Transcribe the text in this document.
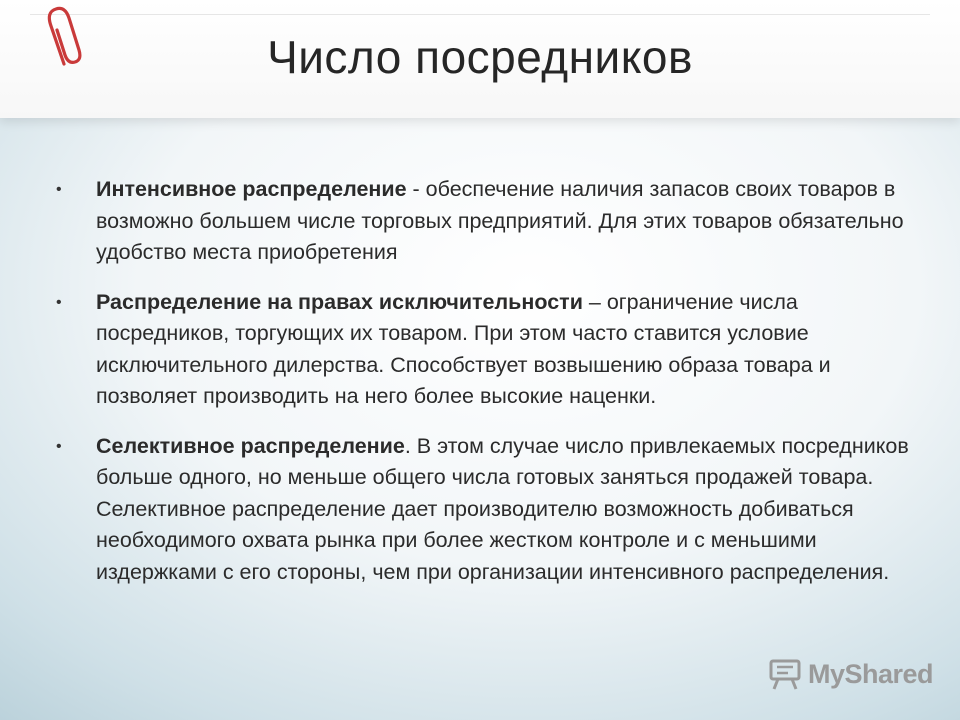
Число посредников
• Интенсивное распределение - обеспечение наличия запасов своих товаров в возможно большем числе торговых предприятий. Для этих товаров обязательно удобство места приобретения
• Распределение на правах исключительности – ограничение числа посредников, торгующих их товаром. При этом часто ставится условие исключительного дилерства. Способствует возвышению образа товара и позволяет производить на него более высокие наценки.
• Селективное распределение. В этом случае число привлекаемых посредников больше одного, но меньше общего числа готовых заняться продажей товара. Селективное распределение дает производителю возможность добиваться необходимого охвата рынка при более жестком контроле и с меньшими издержками с его стороны, чем при организации интенсивного распределения.
MyShared
